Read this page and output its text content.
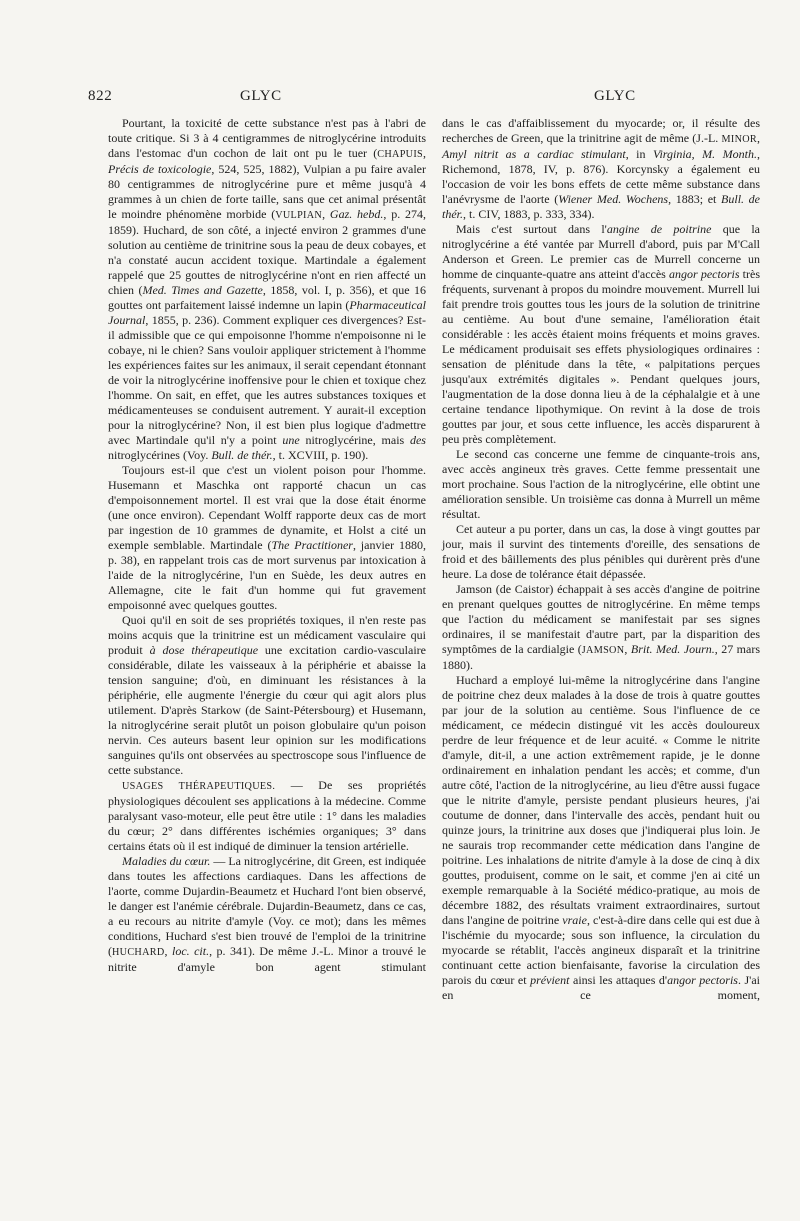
822	GLYC	GLYC

Pourtant, la toxicité de cette substance n'est pas à l'abri de toute critique. Si 3 à 4 centigrammes de nitroglycérine introduits dans l'estomac d'un cochon de lait ont pu le tuer (CHAPUIS, Précis de toxicologie, 524, 525, 1882), Vulpian a pu faire avaler 80 centigrammes de nitroglycérine pure et même jusqu'à 4 grammes à un chien de forte taille, sans que cet animal présentât le moindre phénomène morbide (VULPIAN, Gaz. hebd., p. 274, 1859). Huchard, de son côté, a injecté environ 2 grammes d'une solution au centième de trinitrine sous la peau de deux cobayes, et n'a constaté aucun accident toxique. Martindale a également rappelé que 25 gouttes de nitroglycérine n'ont en rien affecté un chien (Med. Times and Gazette, 1858, vol. I, p. 356), et que 16 gouttes ont parfaitement laissé indemne un lapin (Pharmaceutical Journal, 1855, p. 236). Comment expliquer ces divergences? Est-il admissible que ce qui empoisonne l'homme n'empoisonne ni le cobaye, ni le chien? Sans vouloir appliquer strictement à l'homme les expériences faites sur les animaux, il serait cependant étonnant de voir la nitroglycérine inoffensive pour le chien et toxique chez l'homme. On sait, en effet, que les autres substances toxiques et médicamenteuses se conduisent autrement. Y aurait-il exception pour la nitroglycérine? Non, il est bien plus logique d'admettre avec Martindale qu'il n'y a point une nitroglycérine, mais des nitroglycérines (Voy. Bull. de thér., t. XCVIII, p. 190).

Toujours est-il que c'est un violent poison pour l'homme. Husemann et Maschka ont rapporté chacun un cas d'empoisonnement mortel. Il est vrai que la dose était énorme (une once environ). Cependant Wolff rapporte deux cas de mort par ingestion de 10 grammes de dynamite, et Holst a cité un exemple semblable. Martindale (The Practitioner, janvier 1880, p. 38), en rappelant trois cas de mort survenus par intoxication à l'aide de la nitroglycérine, l'un en Suède, les deux autres en Allemagne, cite le fait d'un homme qui fut gravement empoisonné avec quelques gouttes.

Quoi qu'il en soit de ses propriétés toxiques, il n'en reste pas moins acquis que la trinitrine est un médicament vasculaire qui produit à dose thérapeutique une excitation cardio-vasculaire considérable, dilate les vaisseaux à la périphérie et abaisse la tension sanguine; d'où, en diminuant les résistances à la périphérie, elle augmente l'énergie du cœur qui agit alors plus utilement. D'après Starkow (de Saint-Pétersbourg) et Husemann, la nitroglycérine serait plutôt un poison globulaire qu'un poison nervin. Ces auteurs basent leur opinion sur les modifications sanguines qu'ils ont observées au spectroscope sous l'influence de cette substance.

USAGES THÉRAPEUTIQUES. — De ses propriétés physiologiques découlent ses applications à la médecine. Comme paralysant vaso-moteur, elle peut être utile : 1° dans les maladies du cœur; 2° dans différentes ischémies organiques; 3° dans certains états où il est indiqué de diminuer la tension artérielle.

Maladies du cœur. — La nitroglycérine, dit Green, est indiquée dans toutes les affections cardiaques. Dans les affections de l'aorte, comme Dujardin-Beaumetz et Huchard l'ont bien observé, le danger est l'anémie cérébrale. Dujardin-Beaumetz, dans ce cas, a eu recours au nitrite d'amyle (Voy. ce mot); dans les mêmes conditions, Huchard s'est bien trouvé de l'emploi de la trinitrine (HUCHARD, loc. cit., p. 341). De même J.-L. Minor a trouvé le nitrite d'amyle bon agent stimulant

dans le cas d'affaiblissement du myocarde; or, il résulte des recherches de Green, que la trinitrine agit de même (J.-L. MINOR, Amyl nitrit as a cardiac stimulant, in Virginia, M. Month., Richemond, 1878, IV, p. 876). Korcynsky a également eu l'occasion de voir les bons effets de cette même substance dans l'anévrysme de l'aorte (Wiener Med. Wochens, 1883; et Bull. de thér., t. CIV, 1883, p. 333, 334).

Mais c'est surtout dans l'angine de poitrine que la nitroglycérine a été vantée par Murrell d'abord, puis par M'Call Anderson et Green. Le premier cas de Murrell concerne un homme de cinquante-quatre ans atteint d'accès angor pectoris très fréquents, survenant à propos du moindre mouvement. Murrell lui fait prendre trois gouttes tous les jours de la solution de trinitrine au centième. Au bout d'une semaine, l'amélioration était considérable : les accès étaient moins fréquents et moins graves. Le médicament produisait ses effets physiologiques ordinaires : sensation de plénitude dans la tête, « palpitations perçues jusqu'aux extrémités digitales ». Pendant quelques jours, l'augmentation de la dose donna lieu à de la céphalalgie et à une certaine tendance lipothymique. On revint à la dose de trois gouttes par jour, et sous cette influence, les accès disparurent à peu près complètement.

Le second cas concerne une femme de cinquante-trois ans, avec accès angineux très graves. Cette femme pressentait une mort prochaine. Sous l'action de la nitroglycérine, elle obtint une amélioration sensible. Un troisième cas donna à Murrell un même résultat.

Cet auteur a pu porter, dans un cas, la dose à vingt gouttes par jour, mais il survint des tintements d'oreille, des sensations de froid et des bâillements des plus pénibles qui durèrent près d'une heure. La dose de tolérance était dépassée.

Jamson (de Caistor) échappait à ses accès d'angine de poitrine en prenant quelques gouttes de nitroglycérine. En même temps que l'action du médicament se manifestait par ses signes ordinaires, il se manifestait d'autre part, par la disparition des symptômes de la cardialgie (JAMSON, Brit. Med. Journ., 27 mars 1880).

Huchard a employé lui-même la nitroglycérine dans l'angine de poitrine chez deux malades à la dose de trois à quatre gouttes par jour de la solution au centième. Sous l'influence de ce médicament, ce médecin distingué vit les accès douloureux perdre de leur fréquence et de leur acuité. « Comme le nitrite d'amyle, dit-il, a une action extrêmement rapide, je le donne ordinairement en inhalation pendant les accès; et comme, d'un autre côté, l'action de la nitroglycérine, au lieu d'être aussi fugace que le nitrite d'amyle, persiste pendant plusieurs heures, j'ai coutume de donner, dans l'intervalle des accès, pendant huit ou quinze jours, la trinitrine aux doses que j'indiquerai plus loin. Je ne saurais trop recommander cette médication dans l'angine de poitrine. Les inhalations de nitrite d'amyle à la dose de cinq à dix gouttes, produisent, comme on le sait, et comme j'en ai cité un exemple remarquable à la Société médico-pratique, au mois de décembre 1882, des résultats vraiment extraordinaires, surtout dans l'angine de poitrine vraie, c'est-à-dire dans celle qui est due à l'ischémie du myocarde; sous son influence, la circulation du myocarde se rétablit, l'accès angineux disparaît et la trinitrine continuant cette action bienfaisante, favorise la circulation des parois du cœur et prévient ainsi les attaques d'angor pectoris. J'ai en ce moment,
